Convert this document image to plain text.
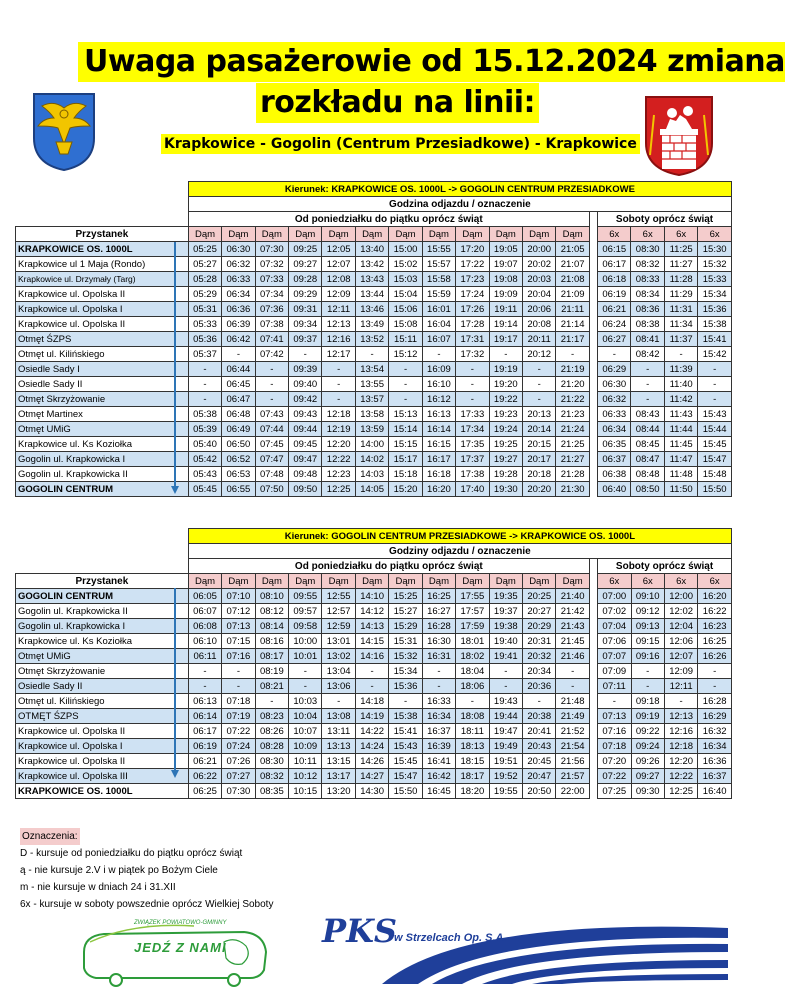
Uwaga pasażerowie od 15.12.2024 zmiana
rozkładu na linii:
Krapkowice - Gogolin (Centrum Przesiadkowe) - Krapkowice
	Kierunek: KRAPKOWICE OS. 1000L -> GOGOLIN CENTRUM PRZESIADKOWE																
	Godzina odjazdu / oznaczenie																
	Od poniedziałku do piątku oprócz świąt													Soboty oprócz świąt			
Przystanek	Dąm	Dąm	Dąm	Dąm	Dąm	Dąm	Dąm	Dąm	Dąm	Dąm	Dąm	Dąm		6x	6x	6x	6x
KRAPKOWICE OS. 1000L	05:25	06:30	07:30	09:25	12:05	13:40	15:00	15:55	17:20	19:05	20:00	21:05		06:15	08:30	11:25	15:30
Krapkowice ul 1 Maja (Rondo)	05:27	06:32	07:32	09:27	12:07	13:42	15:02	15:57	17:22	19:07	20:02	21:07		06:17	08:32	11:27	15:32
Krapkowice ul. Drzymały (Targ)	05:28	06:33	07:33	09:28	12:08	13:43	15:03	15:58	17:23	19:08	20:03	21:08		06:18	08:33	11:28	15:33
Krapkowice ul. Opolska II	05:29	06:34	07:34	09:29	12:09	13:44	15:04	15:59	17:24	19:09	20:04	21:09		06:19	08:34	11:29	15:34
Krapkowice ul. Opolska I	05:31	06:36	07:36	09:31	12:11	13:46	15:06	16:01	17:26	19:11	20:06	21:11		06:21	08:36	11:31	15:36
Krapkowice ul. Opolska II	05:33	06:39	07:38	09:34	12:13	13:49	15:08	16:04	17:28	19:14	20:08	21:14		06:24	08:38	11:34	15:38
Otmęt ŚZPS	05:36	06:42	07:41	09:37	12:16	13:52	15:11	16:07	17:31	19:17	20:11	21:17		06:27	08:41	11:37	15:41
Otmęt ul. Kilińskiego	05:37	-	07:42	-	12:17	-	15:12	-	17:32	-	20:12	-		-	08:42	-	15:42
Osiedle Sady I	-	06:44	-	09:39	-	13:54	-	16:09	-	19:19	-	21:19		06:29	-	11:39	-
Osiedle Sady II	-	06:45	-	09:40	-	13:55	-	16:10	-	19:20	-	21:20		06:30	-	11:40	-
Otmęt Skrzyżowanie	-	06:47	-	09:42	-	13:57	-	16:12	-	19:22	-	21:22		06:32	-	11:42	-
Otmęt Martinex	05:38	06:48	07:43	09:43	12:18	13:58	15:13	16:13	17:33	19:23	20:13	21:23		06:33	08:43	11:43	15:43
Otmęt UMiG	05:39	06:49	07:44	09:44	12:19	13:59	15:14	16:14	17:34	19:24	20:14	21:24		06:34	08:44	11:44	15:44
Krapkowice ul. Ks Koziołka	05:40	06:50	07:45	09:45	12:20	14:00	15:15	16:15	17:35	19:25	20:15	21:25		06:35	08:45	11:45	15:45
Gogolin ul. Krapkowicka I	05:42	06:52	07:47	09:47	12:22	14:02	15:17	16:17	17:37	19:27	20:17	21:27		06:37	08:47	11:47	15:47
Gogolin ul. Krapkowicka II	05:43	06:53	07:48	09:48	12:23	14:03	15:18	16:18	17:38	19:28	20:18	21:28		06:38	08:48	11:48	15:48
GOGOLIN CENTRUM	05:45	06:55	07:50	09:50	12:25	14:05	15:20	16:20	17:40	19:30	20:20	21:30		06:40	08:50	11:50	15:50
	Kierunek: GOGOLIN CENTRUM PRZESIADKOWE -> KRAPKOWICE OS. 1000L																
	Godziny odjazdu / oznaczenie																
	Od poniedziałku do piątku oprócz świąt													Soboty oprócz świąt			
Przystanek	Dąm	Dąm	Dąm	Dąm	Dąm	Dąm	Dąm	Dąm	Dąm	Dąm	Dąm	Dąm		6x	6x	6x	6x
GOGOLIN CENTRUM	06:05	07:10	08:10	09:55	12:55	14:10	15:25	16:25	17:55	19:35	20:25	21:40		07:00	09:10	12:00	16:20
Gogolin ul. Krapkowicka II	06:07	07:12	08:12	09:57	12:57	14:12	15:27	16:27	17:57	19:37	20:27	21:42		07:02	09:12	12:02	16:22
Gogolin ul. Krapkowicka I	06:08	07:13	08:14	09:58	12:59	14:13	15:29	16:28	17:59	19:38	20:29	21:43		07:04	09:13	12:04	16:23
Krapkowice ul. Ks Koziołka	06:10	07:15	08:16	10:00	13:01	14:15	15:31	16:30	18:01	19:40	20:31	21:45		07:06	09:15	12:06	16:25
Otmęt UMiG	06:11	07:16	08:17	10:01	13:02	14:16	15:32	16:31	18:02	19:41	20:32	21:46		07:07	09:16	12:07	16:26
Otmęt Skrzyżowanie	-	-	08:19	-	13:04	-	15:34	-	18:04	-	20:34	-		07:09	-	12:09	-
Osiedle Sady II	-	-	08:21	-	13:06	-	15:36	-	18:06	-	20:36	-		07:11	-	12:11	-
Otmęt ul. Kilińskiego	06:13	07:18	-	10:03	-	14:18	-	16:33	-	19:43	-	21:48		-	09:18	-	16:28
OTMĘT ŚZPS	06:14	07:19	08:23	10:04	13:08	14:19	15:38	16:34	18:08	19:44	20:38	21:49		07:13	09:19	12:13	16:29
Krapkowice ul. Opolska II	06:17	07:22	08:26	10:07	13:11	14:22	15:41	16:37	18:11	19:47	20:41	21:52		07:16	09:22	12:16	16:32
Krapkowice ul. Opolska I	06:19	07:24	08:28	10:09	13:13	14:24	15:43	16:39	18:13	19:49	20:43	21:54		07:18	09:24	12:18	16:34
Krapkowice ul. Opolska II	06:21	07:26	08:30	10:11	13:15	14:26	15:45	16:41	18:15	19:51	20:45	21:56		07:20	09:26	12:20	16:36
Krapkowice ul. Opolska III	06:22	07:27	08:32	10:12	13:17	14:27	15:47	16:42	18:17	19:52	20:47	21:57		07:22	09:27	12:22	16:37
KRAPKOWICE OS. 1000L	06:25	07:30	08:35	10:15	13:20	14:30	15:50	16:45	18:20	19:55	20:50	22:00		07:25	09:30	12:25	16:40
Oznaczenia:
D - kursuje od poniedziałku do piątku oprócz świąt
ą - nie kursuje 2.V i w piątek po Bożym Ciele
m - nie kursuje w dniach 24 i 31.XII
6x - kursuje w soboty powszednie oprócz Wielkiej Soboty
ZWIĄZEK POWIATOWO-GMINNY
JEDŹ Z NAMI	PKS
w Strzelcach Op. S.A.
